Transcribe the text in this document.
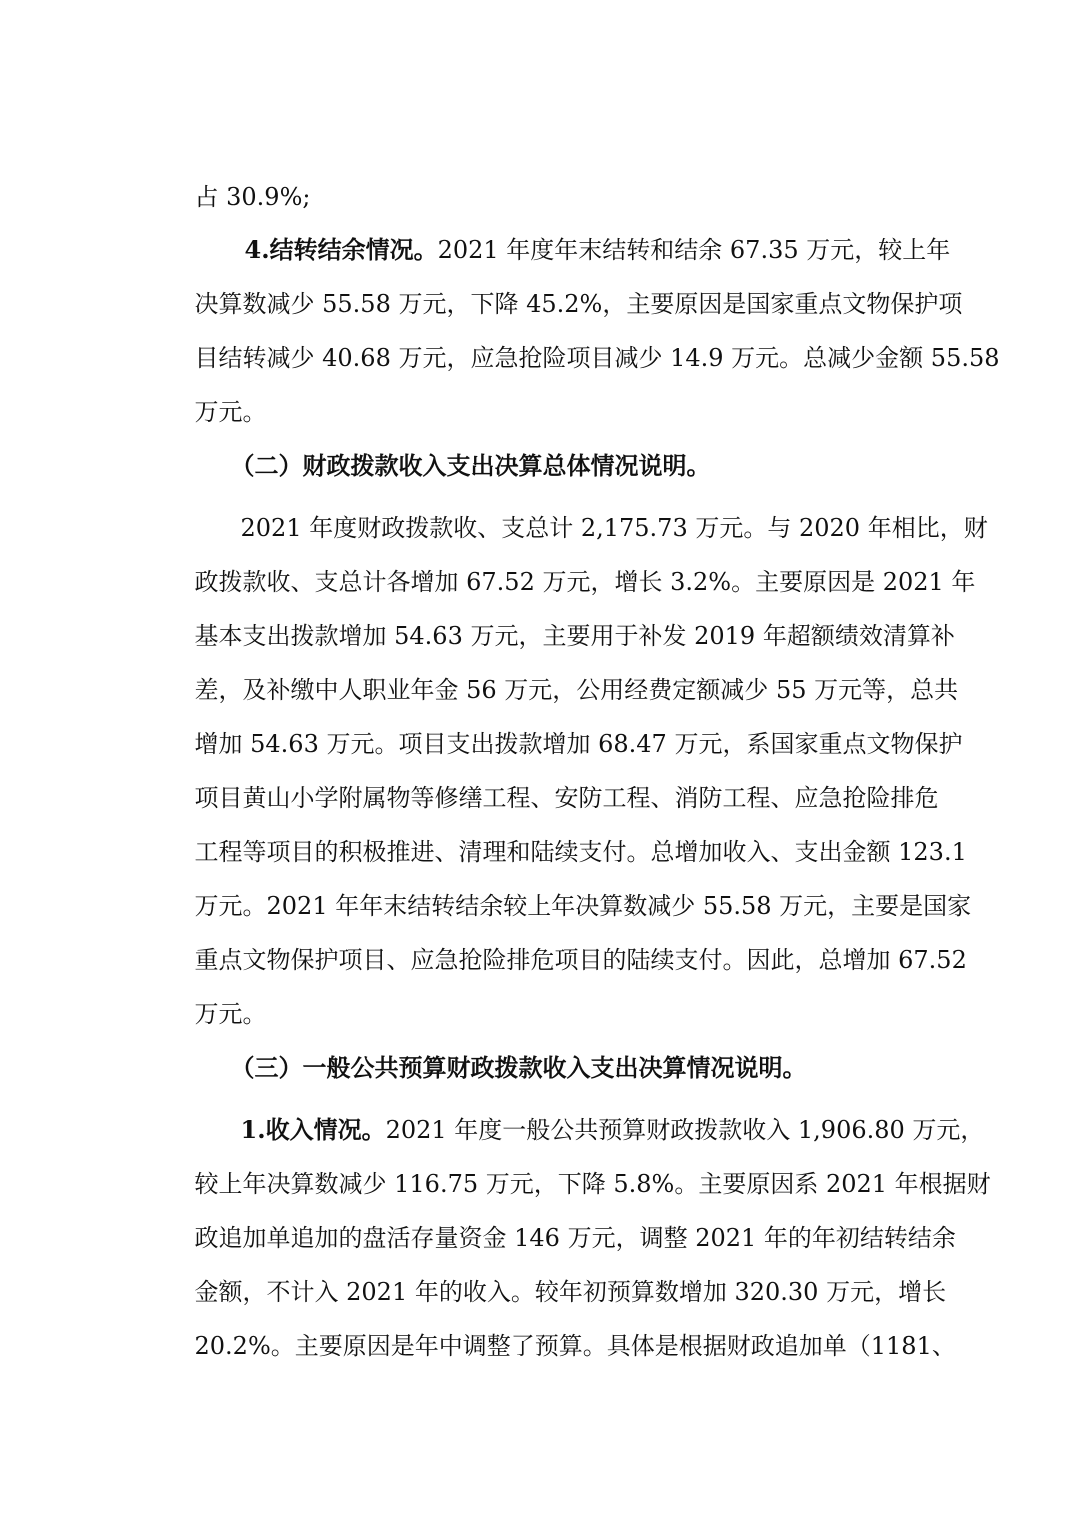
占 30.9%;

4.结转结余情况。2021 年度年末结转和结余 67.35 万元，较上年

决算数减少 55.58 万元，下降 45.2%，主要原因是国家重点文物保护项

目结转减少 40.68 万元，应急抢险项目减少 14.9 万元。总减少金额 55.58

万元。

（二）财政拨款收入支出决算总体情况说明。

2021 年度财政拨款收、支总计 2,175.73 万元。与 2020 年相比，财

政拨款收、支总计各增加 67.52 万元，增长 3.2%。主要原因是 2021 年

基本支出拨款增加 54.63 万元，主要用于补发 2019 年超额绩效清算补

差，及补缴中人职业年金 56 万元，公用经费定额减少 55 万元等，总共

增加 54.63 万元。项目支出拨款增加 68.47 万元，系国家重点文物保护

项目黄山小学附属物等修缮工程、安防工程、消防工程、应急抢险排危

工程等项目的积极推进、清理和陆续支付。总增加收入、支出金额 123.1

万元。2021 年年末结转结余较上年决算数减少 55.58 万元，主要是国家

重点文物保护项目、应急抢险排危项目的陆续支付。因此，总增加 67.52

万元。

（三）一般公共预算财政拨款收入支出决算情况说明。

1.收入情况。2021 年度一般公共预算财政拨款收入 1,906.80 万元，

较上年决算数减少 116.75 万元，下降 5.8%。主要原因系 2021 年根据财

政追加单追加的盘活存量资金 146 万元，调整 2021 年的年初结转结余

金额，不计入 2021 年的收入。较年初预算数增加 320.30 万元，增长

20.2%。主要原因是年中调整了预算。具体是根据财政追加单（1181、
